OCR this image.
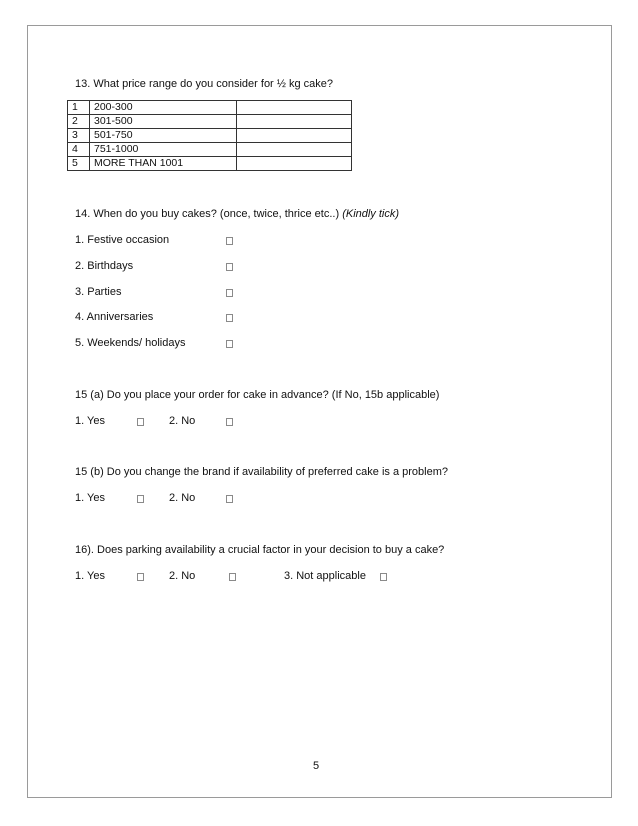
13. What price range do you consider for ½ kg cake?
1	200-300	
2	301-500	
3	501-750	
4	751-1000	
5	MORE THAN 1001	
14. When do you buy cakes? (once, twice, thrice etc..) (Kindly tick)
1. Festive occasion
2. Birthdays
3. Parties
4. Anniversaries
5. Weekends/ holidays
15 (a) Do you place your order for cake in advance? (If No, 15b applicable)
1. Yes	2. No
15 (b) Do you change the brand if availability of preferred cake is a problem?
1. Yes	2. No
16). Does parking availability a crucial factor in your decision to buy a cake?
1. Yes	2. No	3. Not applicable
5
